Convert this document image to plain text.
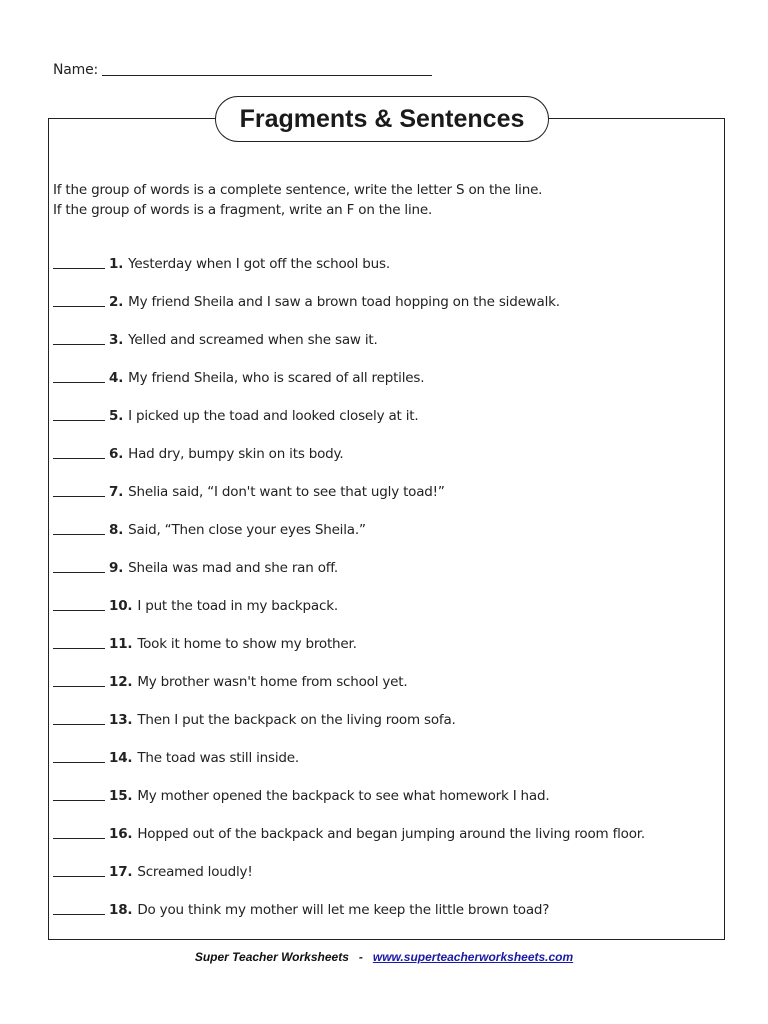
Name:
Fragments & Sentences
If the group of words is a complete sentence, write the letter S on the line.
If the group of words is a fragment, write an F on the line.
1. Yesterday when I got off the school bus.
2. My friend Sheila and I saw a brown toad hopping on the sidewalk.
3. Yelled and screamed when she saw it.
4. My friend Sheila, who is scared of all reptiles.
5. I picked up the toad and looked closely at it.
6. Had dry, bumpy skin on its body.
7. Shelia said, “I don't want to see that ugly toad!”
8. Said, “Then close your eyes Sheila.”
9. Sheila was mad and she ran off.
10. I put the toad in my backpack.
11. Took it home to show my brother.
12. My brother wasn't home from school yet.
13. Then I put the backpack on the living room sofa.
14. The toad was still inside.
15. My mother opened the backpack to see what homework I had.
16. Hopped out of the backpack and began jumping around the living room floor.
17. Screamed loudly!
18. Do you think my mother will let me keep the little brown toad?
Super Teacher Worksheets - www.superteacherworksheets.com
